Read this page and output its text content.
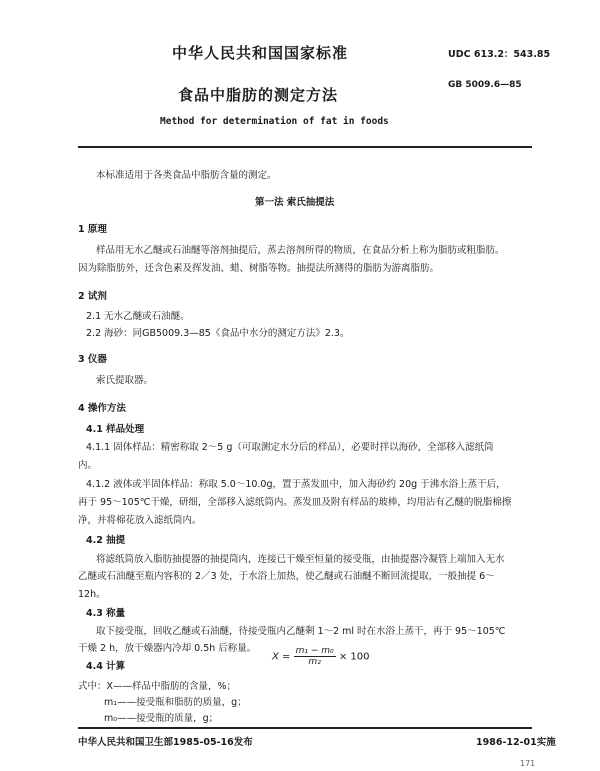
中华人民共和国国家标准	UDC 613.2：543.85
食品中脂肪的测定方法
GB 5009.6—85
Method for determination of fat in foods
本标准适用于各类食品中脂肪含量的测定。
第一法 索氏抽提法
1 原理
样品用无水乙醚或石油醚等溶剂抽提后，蒸去溶剂所得的物质，在食品分析上称为脂肪或粗脂肪。
因为除脂肪外，还含色素及挥发油、蜡、树脂等物。抽提法所测得的脂肪为游离脂肪。
2 试剂
2.1 无水乙醚或石油醚。
2.2 海砂：同GB5009.3—85《食品中水分的测定方法》2.3。
3 仪器
索氏提取器。
4 操作方法
4.1 样品处理
4.1.1 固体样品：精密称取 2～5 g（可取测定水分后的样品），必要时拌以海砂，全部移入滤纸筒
内。
4.1.2 液体或半固体样品：称取 5.0～10.0g，置于蒸发皿中，加入海砂约 20g 于沸水浴上蒸干后，
再于 95～105℃干燥，研细，全部移入滤纸筒内。蒸发皿及附有样品的玻棒，均用沾有乙醚的脱脂棉擦
净，并将棉花放入滤纸筒内。
4.2 抽提
将滤纸筒放入脂肪抽提器的抽提筒内，连接已干燥至恒量的接受瓶，由抽提器冷凝管上端加入无水
乙醚或石油醚至瓶内容积的 2／3 处，于水浴上加热，使乙醚或石油醚不断回流提取，一般抽提 6～
12h。
4.3 称量
取下接受瓶，回收乙醚或石油醚，待接受瓶内乙醚剩 1～2 ml 时在水浴上蒸干，再于 95～105℃
干燥 2 h，放干燥器内冷却 0.5h 后称量。
4.4 计算
$X = \frac{\text{m₁ − m₀}}{\text{m₂}} \times 100$
式中：X——样品中脂肪的含量，%；
m₁——接受瓶和脂肪的质量，g；
m₀——接受瓶的质量，g；
中华人民共和国卫生部1985-05-16发布	1986-12-01实施
171
